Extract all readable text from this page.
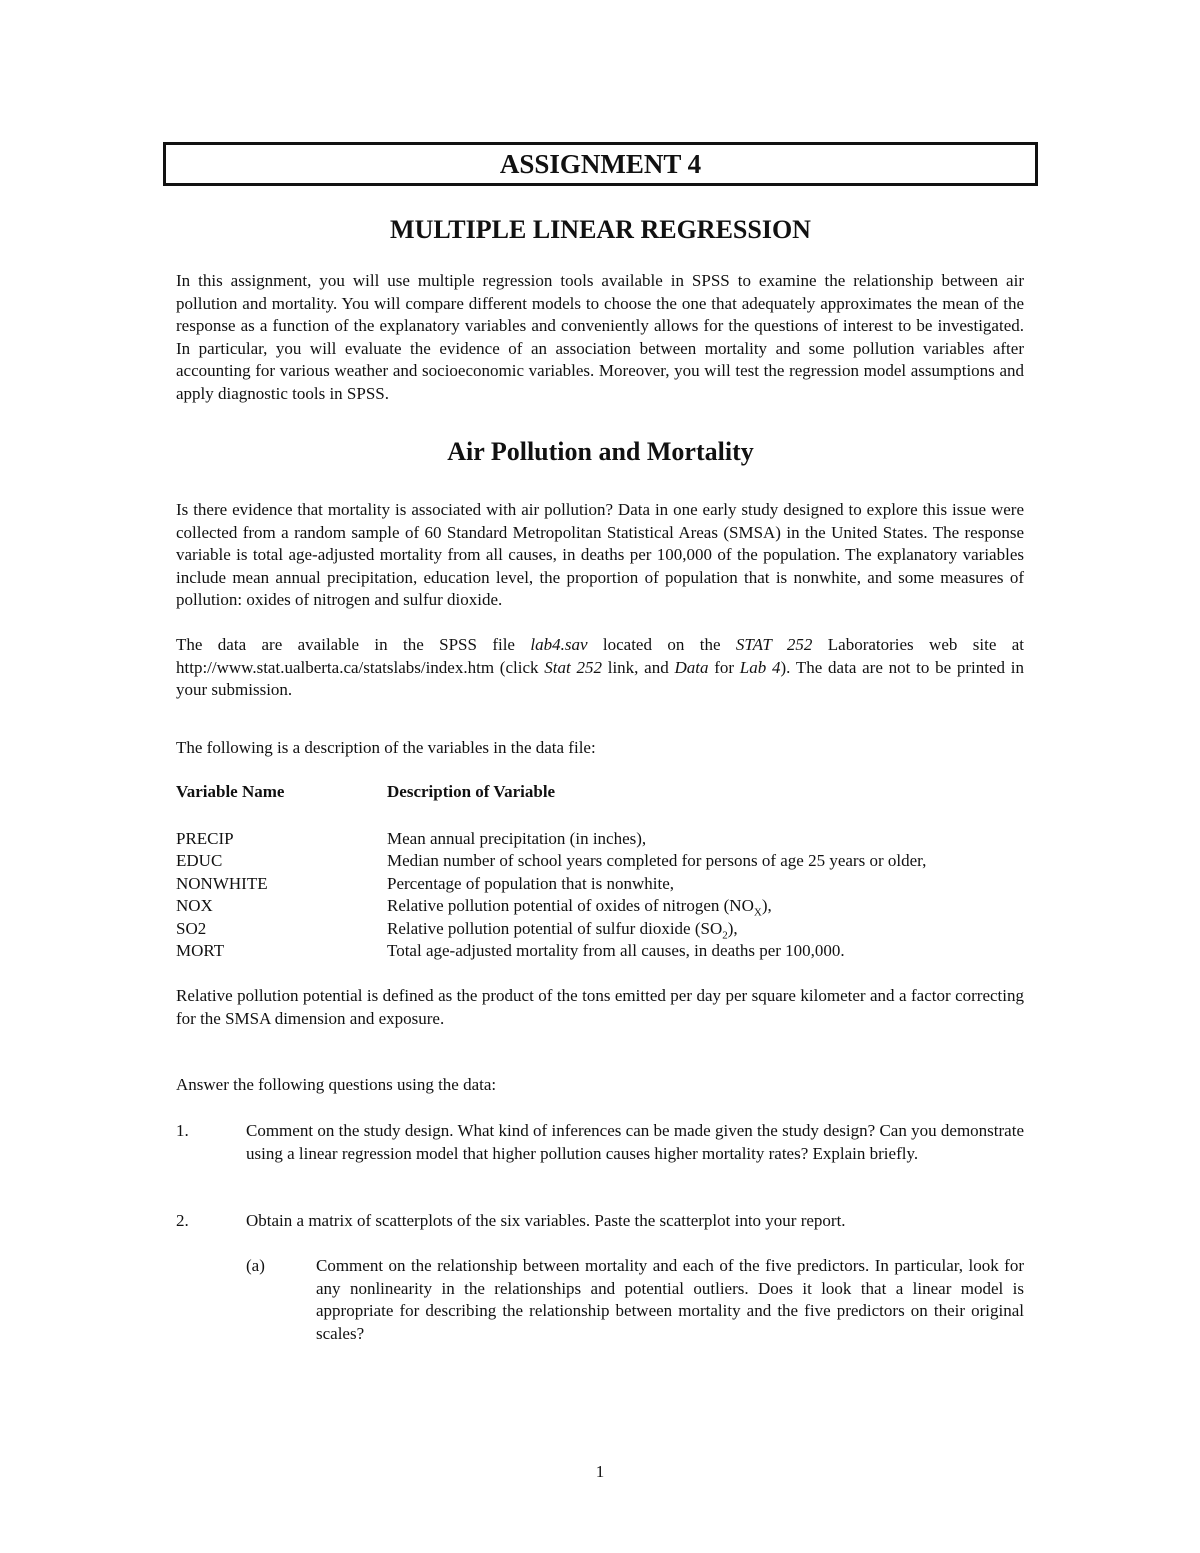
ASSIGNMENT 4
MULTIPLE LINEAR REGRESSION
In this assignment, you will use multiple regression tools available in SPSS to examine the relationship between air pollution and mortality. You will compare different models to choose the one that adequately approximates the mean of the response as a function of the explanatory variables and conveniently allows for the questions of interest to be investigated. In particular, you will evaluate the evidence of an association between mortality and some pollution variables after accounting for various weather and socioeconomic variables. Moreover, you will test the regression model assumptions and apply diagnostic tools in SPSS.
Air Pollution and Mortality
Is there evidence that mortality is associated with air pollution? Data in one early study designed to explore this issue were collected from a random sample of 60 Standard Metropolitan Statistical Areas (SMSA) in the United States. The response variable is total age-adjusted mortality from all causes, in deaths per 100,000 of the population. The explanatory variables include mean annual precipitation, education level, the proportion of population that is nonwhite, and some measures of pollution: oxides of nitrogen and sulfur dioxide.
The data are available in the SPSS file lab4.sav located on the STAT 252 Laboratories web site at http://www.stat.ualberta.ca/statslabs/index.htm (click Stat 252 link, and Data for Lab 4). The data are not to be printed in your submission.
The following is a description of the variables in the data file:
Variable Name	Description of Variable
PRECIP	Mean annual precipitation (in inches),
EDUC	Median number of school years completed for persons of age 25 years or older,
NONWHITE	Percentage of population that is nonwhite,
NOX	Relative pollution potential of oxides of nitrogen $(NO_X)$,
SO2	Relative pollution potential of sulfur dioxide $(SO_2)$,
MORT	Total age-adjusted mortality from all causes, in deaths per 100,000.
Relative pollution potential is defined as the product of the tons emitted per day per square kilometer and a factor correcting for the SMSA dimension and exposure.
Answer the following questions using the data:
1.	Comment on the study design. What kind of inferences can be made given the study design? Can you demonstrate using a linear regression model that higher pollution causes higher mortality rates? Explain briefly.
2.	Obtain a matrix of scatterplots of the six variables. Paste the scatterplot into your report.
(a)	Comment on the relationship between mortality and each of the five predictors. In particular, look for any nonlinearity in the relationships and potential outliers. Does it look that a linear model is appropriate for describing the relationship between mortality and the five predictors on their original scales?
1
